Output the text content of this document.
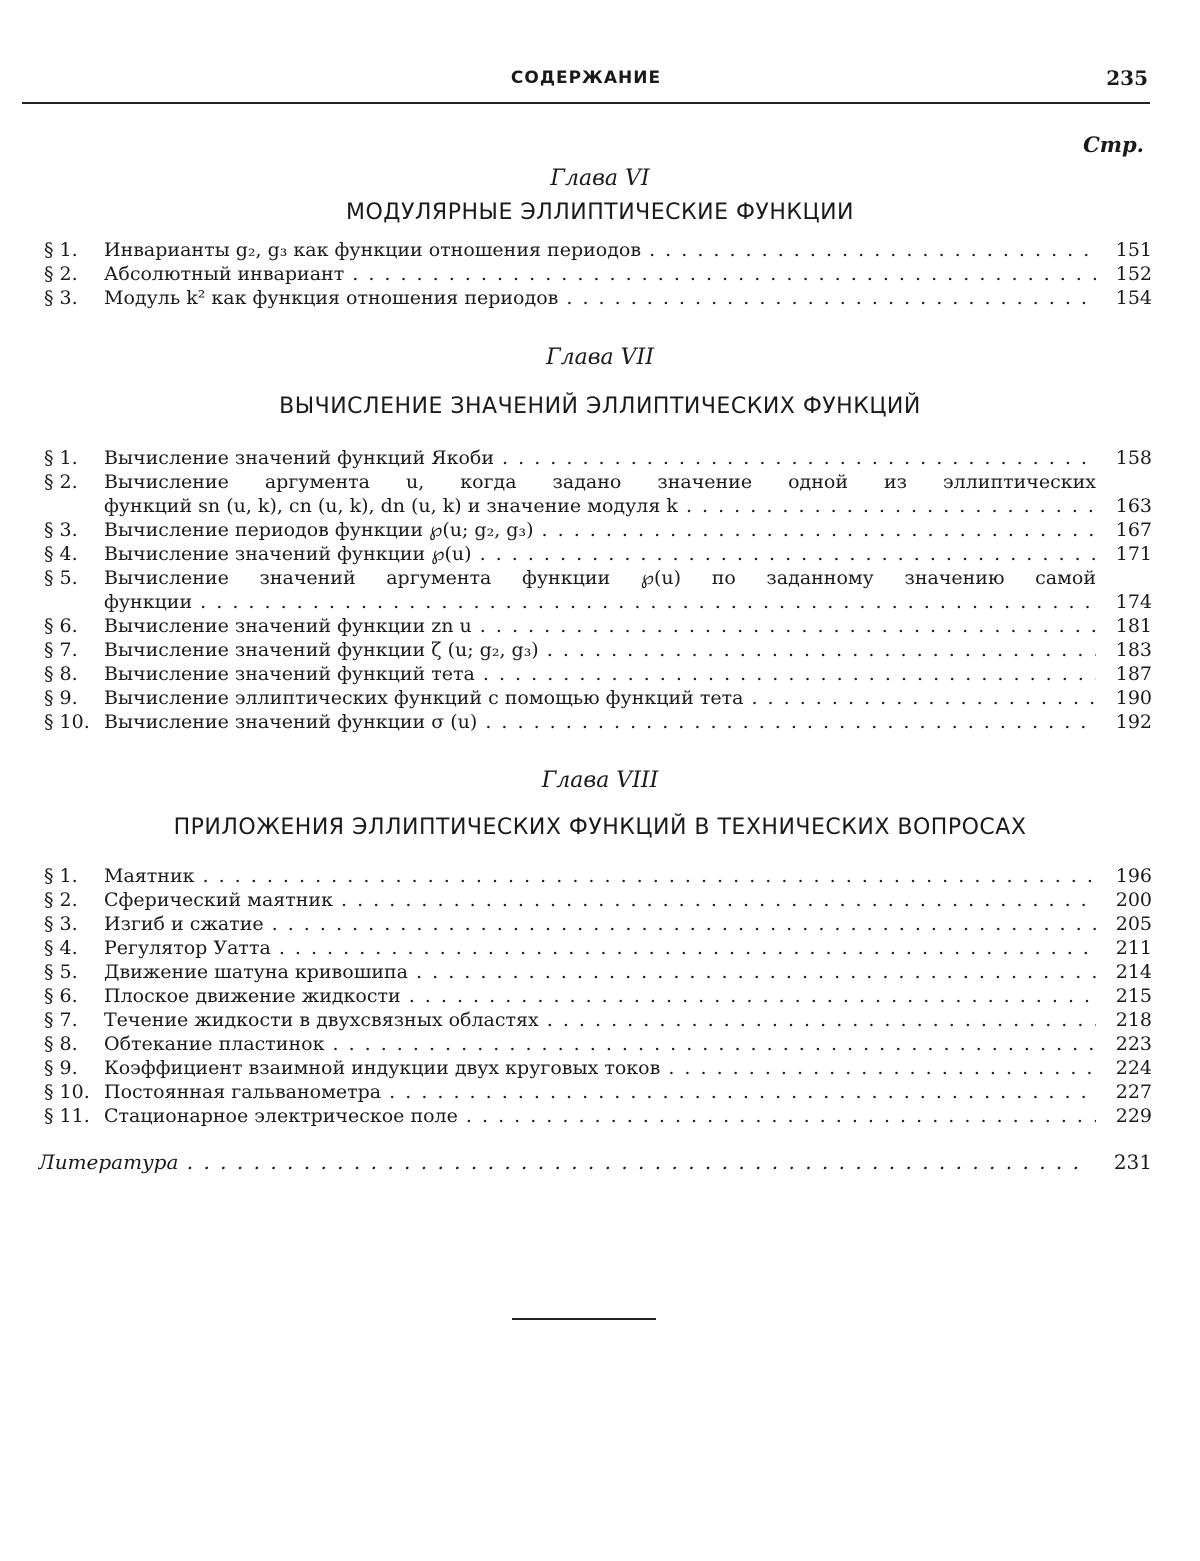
СОДЕРЖАНИЕ	235
Стр.
Глава VI
МОДУЛЯРНЫЕ ЭЛЛИПТИЧЕСКИЕ ФУНКЦИИ
§ 1.	Инварианты g₂, g₃ как функции отношения периодов . . .	151
§ 2.	Абсолютный инвариант . . .	152
§ 3.	Модуль k² как функция отношения периодов . . .	154
Глава VII
ВЫЧИСЛЕНИЕ ЗНАЧЕНИЙ ЭЛЛИПТИЧЕСКИХ ФУНКЦИЙ
§ 1.	Вычисление значений функций Якоби . . .	158
§ 2.	Вычисление аргумента u, когда задано значение одной из эллиптических
функций sn (u, k), cn (u, k), dn (u, k) и значение модуля k . . .	163
§ 3.	Вычисление периодов функции ℘(u; g₂, g₃) . . .	167
§ 4.	Вычисление значений функции ℘(u) . . .	171
§ 5.	Вычисление значений аргумента функции ℘(u) по заданному значению самой
функции . . .	174
§ 6.	Вычисление значений функции zn u . . .	181
§ 7.	Вычисление значений функции ζ (u; g₂, g₃) . . .	183
§ 8.	Вычисление значений функций тета . . .	187
§ 9.	Вычисление эллиптических функций с помощью функций тета . . .	190
§ 10. Вычисление значений функции σ (u) . . .	192
Глава VIII
ПРИЛОЖЕНИЯ ЭЛЛИПТИЧЕСКИХ ФУНКЦИЙ В ТЕХНИЧЕСКИХ ВОПРОСАХ
§ 1.	Маятник . . .	196
§ 2.	Сферический маятник . . .	200
§ 3.	Изгиб и сжатие . . .	205
§ 4.	Регулятор Уатта . . .	211
§ 5.	Движение шатуна кривошипа . . .	214
§ 6.	Плоское движение жидкости . . .	215
§ 7.	Течение жидкости в двухсвязных областях . . .	218
§ 8.	Обтекание пластинок . . .	223
§ 9.	Коэффициент взаимной индукции двух круговых токов . . .	224
§ 10. Постоянная гальванометра . . .	227
§ 11. Стационарное электрическое поле . . .	229
Литература . . .	231
